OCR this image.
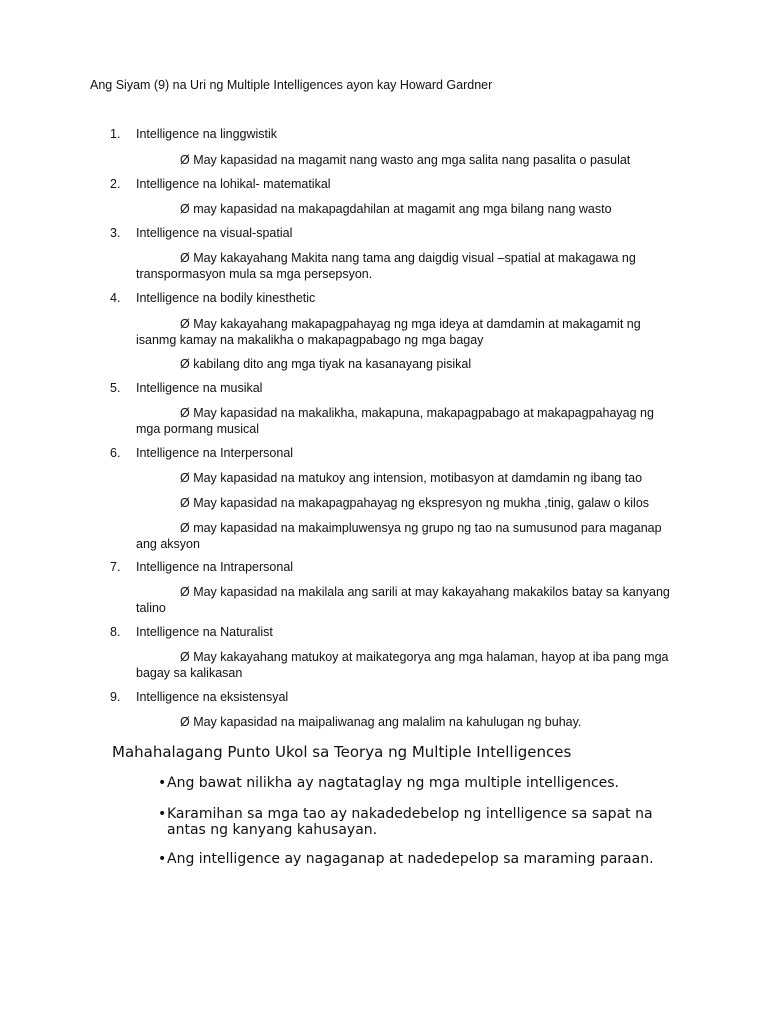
Ang Siyam (9) na Uri ng Multiple Intelligences ayon kay Howard Gardner
1. Intelligence na linggwistik
Ø May kapasidad na magamit nang wasto ang mga salita nang pasalita o pasulat
2. Intelligence na lohikal- matematikal
Ø may kapasidad na makapagdahilan at magamit ang mga bilang nang wasto
3. Intelligence na visual-spatial
Ø May kakayahang Makita nang tama ang daigdig visual –spatial at makagawa ng transpormasyon mula sa mga persepsyon.
4. Intelligence na bodily kinesthetic
Ø May kakayahang makapagpahayag ng mga ideya at damdamin at makagamit ng isanmg kamay na makalikha o makapagpabago ng mga bagay
Ø kabilang dito ang mga tiyak na kasanayang pisikal
5. Intelligence na musikal
Ø May kapasidad na makalikha, makapuna, makapagpabago at makapagpahayag ng mga pormang musical
6. Intelligence na Interpersonal
Ø May kapasidad na matukoy ang intension, motibasyon at damdamin ng ibang tao
Ø May kapasidad na makapagpahayag ng ekspresyon ng mukha ,tinig, galaw o kilos
Ø may kapasidad na makaimpluwensya ng grupo ng tao na sumusunod para maganap ang aksyon
7. Intelligence na Intrapersonal
Ø May kapasidad na makilala ang sarili at may kakayahang makakilos batay sa kanyang talino
8. Intelligence na Naturalist
Ø May kakayahang matukoy at maikategorya ang mga halaman, hayop at iba pang mga bagay sa kalikasan
9. Intelligence na eksistensyal
Ø May kapasidad na maipaliwanag ang malalim na kahulugan ng buhay.
Mahahalagang Punto Ukol sa Teorya ng Multiple Intelligences
•Ang bawat nilikha ay nagtataglay ng mga multiple intelligences.
•Karamihan sa mga tao ay nakadedebelop ng intelligence sa sapat na antas ng kanyang kahusayan.
•Ang intelligence ay nagaganap at nadedepelop sa maraming paraan.
